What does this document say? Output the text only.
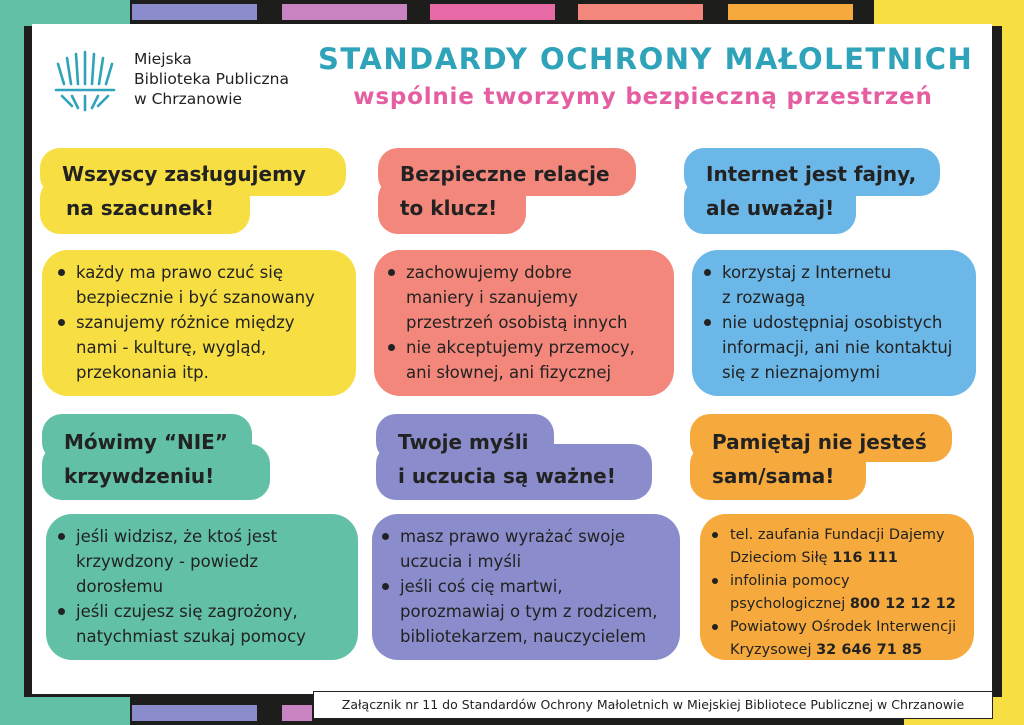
Miejska
Biblioteka Publiczna
w Chrzanowie
STANDARDY OCHRONY MAŁOLETNICH
wspólnie tworzymy bezpieczną przestrzeń
Wszyscy zasługujemy
na szacunek!
każdy ma prawo czuć się
bezpiecznie i być szanowany
szanujemy różnice między
nami - kulturę, wygląd,
przekonania itp.
Bezpieczne relacje
to klucz!
zachowujemy dobre
maniery i szanujemy
przestrzeń osobistą innych
nie akceptujemy przemocy,
ani słownej, ani fizycznej
Internet jest fajny,
ale uważaj!
korzystaj z Internetu
z rozwagą
nie udostępniaj osobistych
informacji, ani nie kontaktuj
się z nieznajomymi
Mówimy “NIE”
krzywdzeniu!
jeśli widzisz, że ktoś jest
krzywdzony - powiedz
dorosłemu
jeśli czujesz się zagrożony,
natychmiast szukaj pomocy
Twoje myśli
i uczucia są ważne!
masz prawo wyrażać swoje
uczucia i myśli
jeśli coś cię martwi,
porozmawiaj o tym z rodzicem,
bibliotekarzem, nauczycielem
Pamiętaj nie jesteś
sam/sama!
tel. zaufania Fundacji Dajemy
Dzieciom Siłę 116 111
infolinia pomocy
psychologicznej 800 12 12 12
Powiatowy Ośrodek Interwencji
Kryzysowej 32 646 71 85
Załącznik nr 11 do Standardów Ochrony Małoletnich w Miejskiej Bibliotece Publicznej w Chrzanowie
